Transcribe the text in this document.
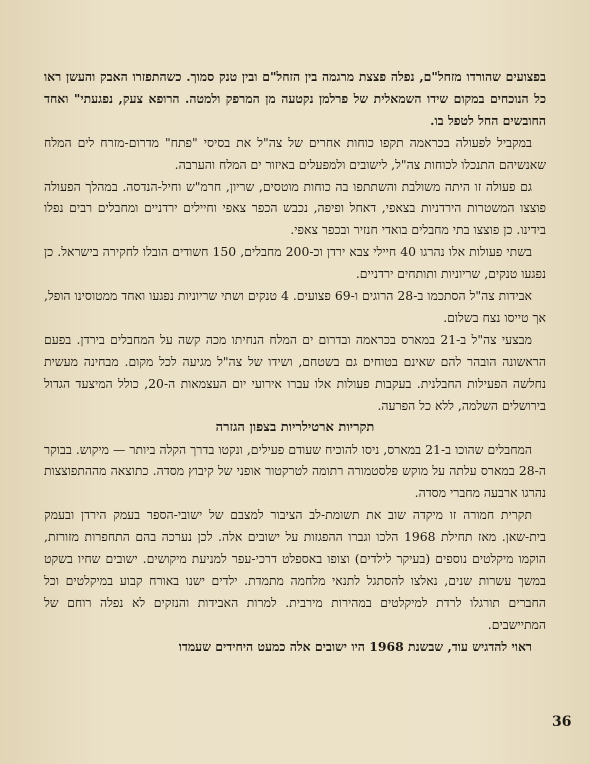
בפצועים שהורדו מזחל"ם, נפלה פצצת מרגמה בין הזחל"ם ובין טנק סמוך. כשהתפזרו האבק והעשן ראו כל הנוכחים במקום שידו השמאלית של פרלמן נקטעה מן המרפק ולמטה. הרופא צעק, נפגעתי" ואחד החובשים החל לטפל בו.

במקביל לפעולה בכראמה תקפו כוחות אחרים של צה"ל את בסיסי "פתח" מדרום-מזרח לים המלח שאנשיהם התנכלו לכוחות צה"ל, לישובים ולמפעלים באיזור ים המלח והערבה.

גם פעולה זו היתה משולבת והשתתפו בה כוחות מוטסים, שריון, חרמ"ש וחיל-הנדסה. במהלך הפעולה פוצצו המשטרות הירדניות בצאפי, דאחל ופיפה, נכבש הכפר צאפי וחיילים ירדניים ומחבלים רבים נפלו בידינו. כן פוצצו בתי מחבלים בואדי חנזיר ובכפר צאפי.

בשתי פעולות אלו נהרגו 40 חיילי צבא ירדן וכ-200 מחבלים, 150 חשודים הובלו לחקירה בישראל. כן נפגעו טנקים, שריוניות ותותחים ירדניים.

אבידות צה"ל הסתכמו ב-28 הרוגים ו-69 פצועים. 4 טנקים ושתי שריוניות נפגעו ואחד ממטוסינו הופל, אך טייסו נצח בשלום.

מבצעי צה"ל ב-21 במארס בכראמה ובדרום ים המלח הנחיתו מכה קשה על המחבלים בירדן. בפעם הראשונה הובהר להם שאינם בטוחים גם בשטחם, ושידו של צה"ל מגיעה לכל מקום. מבחינה מעשית נחלשה הפעילות החבלנית. בעקבות פעולות אלו עברו אירועי יום העצמאות ה-20, כולל המיצעד הגדול בירושלים השלמה, ללא כל הפרעה.

תקריות ארטילריות בצפון הגזרה

המחבלים שהוכו ב-21 במארס, ניסו להוכיח שעודם פעילים, ונקטו בדרך הקלה ביותר — מיקוש. בבוקר ה-28 במארס עלתה על מוקש פלסטמורה רתומה לטרקטור אופני של קיבוץ מסדה. כתוצאה מההתפוצצות נהרגו ארבעה מחברי מסדה.

תקרית חמורה זו מיקדה שוב את תשומת-לב הציבור למצבם של ישובי-הספר בעמק הירדן ובעמק בית-שאן. מאז תחילת 1968 הלכו וגברו ההפגזות על ישובים אלה. לכן נערכה בהם התחפרות מזורזת, הוקמו מיקלטים נוספים (בעיקר לילדים) וצופו באספלט דרכי-עפר למניעת מיקושים. ישובים שחיו בשקט במשך עשרות שנים, נאלצו להסתגל לתנאי מלחמה מתמדת. ילדים ישנו באורח קבוע במיקלטים וכל החברים תורגלו לרדת למיקלטים במהירות מירבית. למרות האבידות והנזקים לא נפלה רוחם של המתיישבים.

ראוי להדגיש עוד, שבשנת 1968 היו ישובים אלה כמעט היחידים שעמדו

36
